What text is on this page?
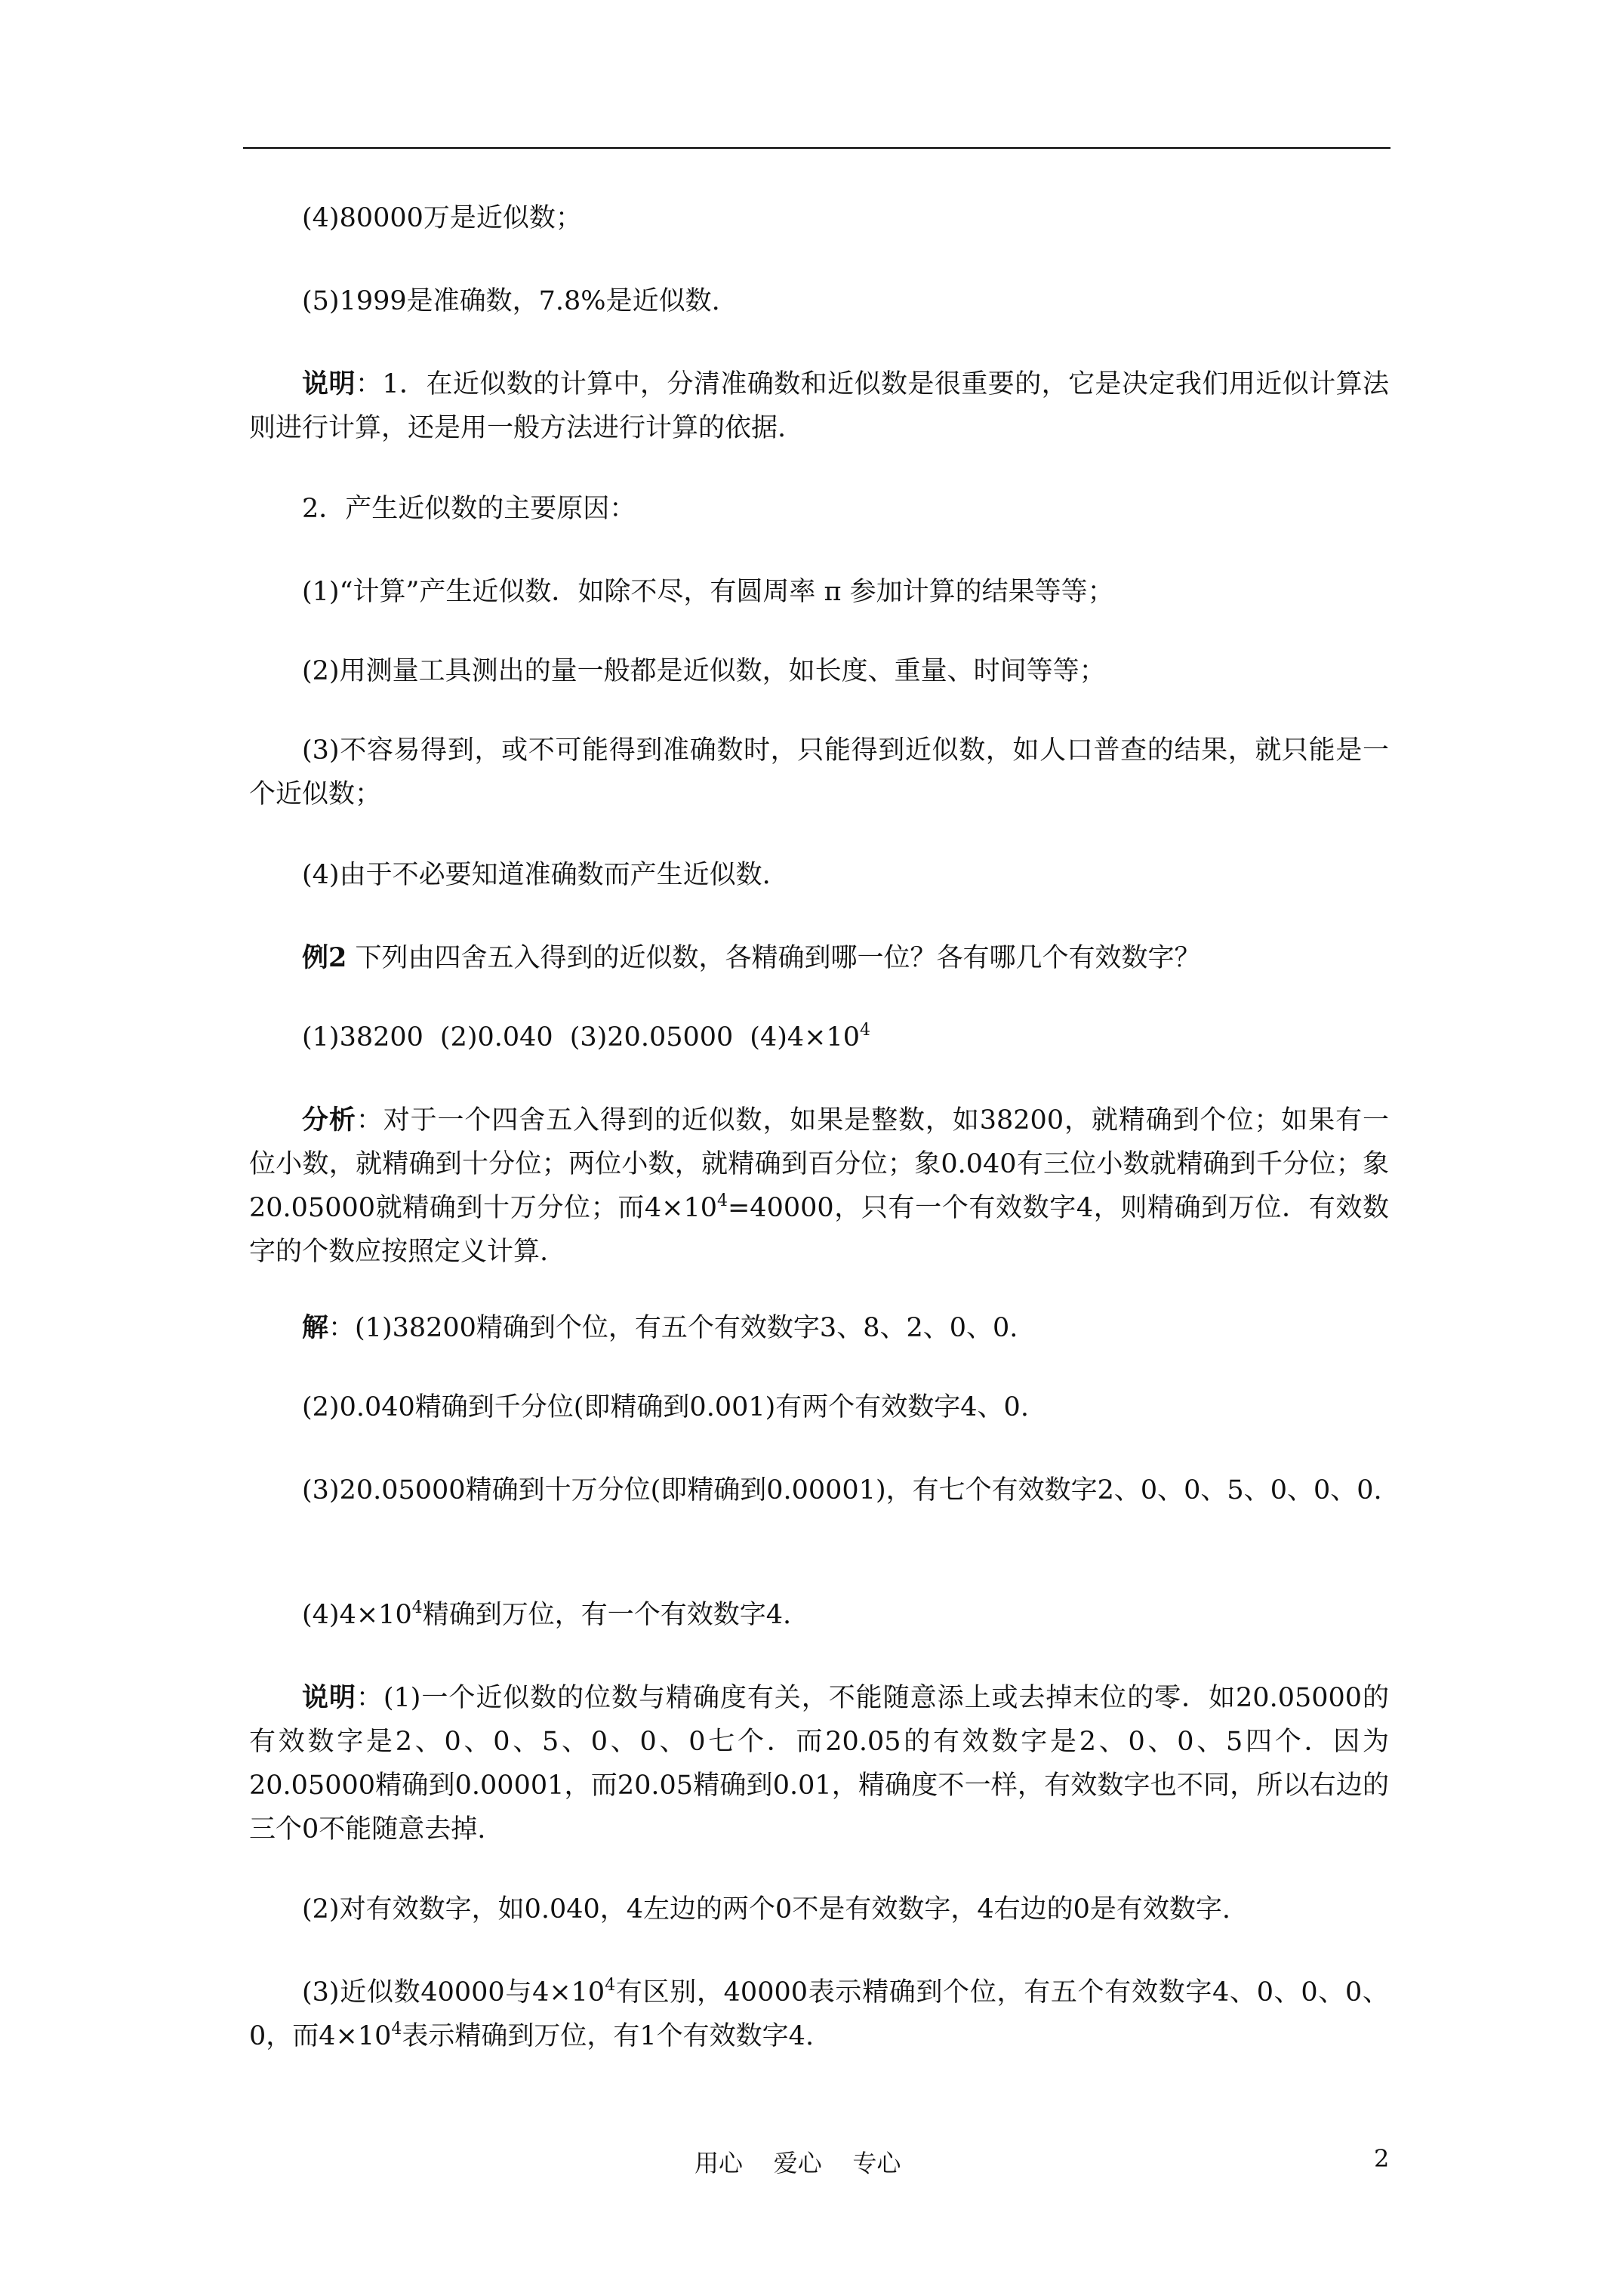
(4)80000万是近似数；
(5)1999是准确数，7.8%是近似数.
说明：1．在近似数的计算中，分清准确数和近似数是很重要的，它是决定我们用近似计算法则进行计算，还是用一般方法进行计算的依据.
2．产生近似数的主要原因：
(1)“计算”产生近似数．如除不尽，有圆周率 π 参加计算的结果等等；
(2)用测量工具测出的量一般都是近似数，如长度、重量、时间等等；
(3)不容易得到，或不可能得到准确数时，只能得到近似数，如人口普查的结果，就只能是一个近似数；
(4)由于不必要知道准确数而产生近似数.
例2 下列由四舍五入得到的近似数，各精确到哪一位？各有哪几个有效数字？
(1)38200 (2)0.040 (3)20.05000 $(4)4\times 10^4$
分析：对于一个四舍五入得到的近似数，如果是整数，如38200，就精确到个位；如果有一位小数，就精确到十分位；两位小数，就精确到百分位；象0.040有三位小数就精确到千分位；象20.05000就精确到十万分位；而$4\times 10^4=40000$，只有一个有效数字4，则精确到万位．有效数字的个数应按照定义计算.
解：(1)38200精确到个位，有五个有效数字3、8、2、0、0.
(2)0.040精确到千分位(即精确到0.001)有两个有效数字4、0.
(3)20.05000精确到十万分位(即精确到0.00001)，有七个有效数字2、0、0、5、0、0、0.
$(4)4\times 10^4$精确到万位，有一个有效数字4.
说明：(1)一个近似数的位数与精确度有关，不能随意添上或去掉末位的零．如20.05000的有效数字是2、0、0、5、0、0、0七个．而20.05的有效数字是2、0、0、5四个．因为20.05000精确到0.00001，而20.05精确到0.01，精确度不一样，有效数字也不同，所以右边的三个0不能随意去掉.
(2)对有效数字，如0.040，4左边的两个0不是有效数字，4右边的0是有效数字.
(3)近似数40000与$4\times 10^4$有区别，40000表示精确到个位，有五个有效数字4、0、0、0、0，而$4\times 10^4$表示精确到万位，有1个有效数字4.
用心    爱心    专心	2
